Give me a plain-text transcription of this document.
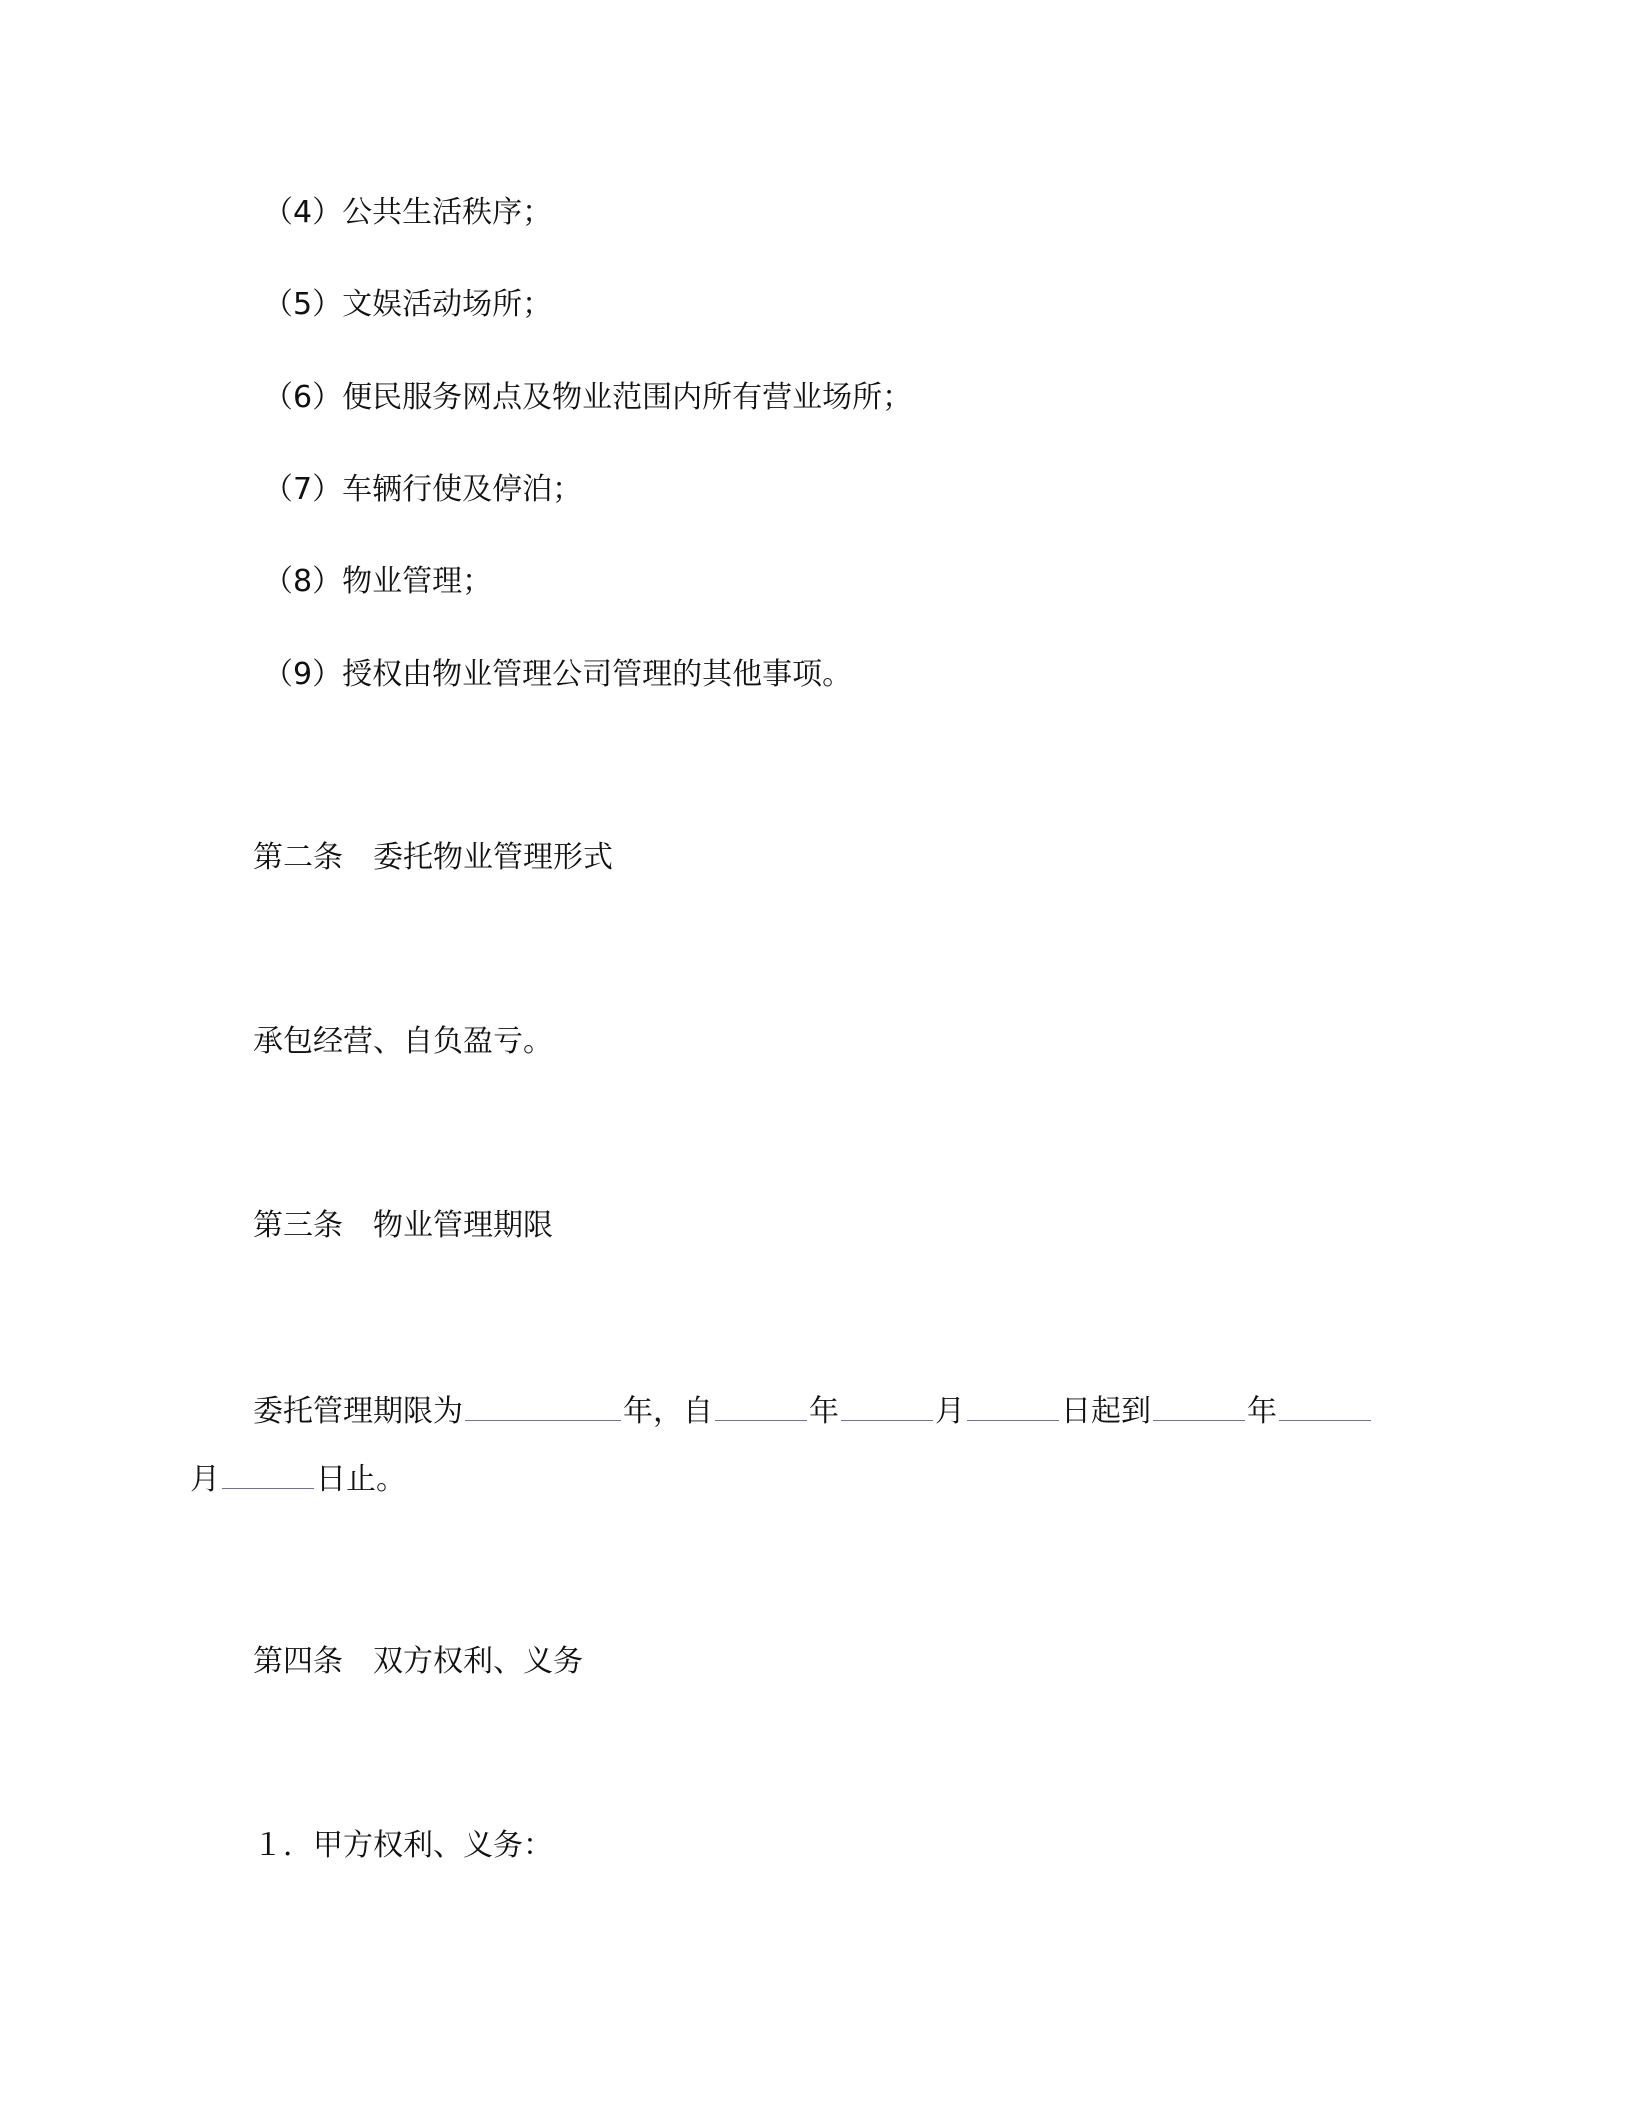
（4）公共生活秩序；
（5）文娱活动场所；
（6）便民服务网点及物业范围内所有营业场所；
（7）车辆行使及停泊；
（8）物业管理；
（9）授权由物业管理公司管理的其他事项。
第二条　委托物业管理形式
承包经营、自负盈亏。
第三条　物业管理期限
委托管理期限为	年，自	年	月	日起到	年
月	日止。
第四条　双方权利、义务
１．甲方权利、义务：
